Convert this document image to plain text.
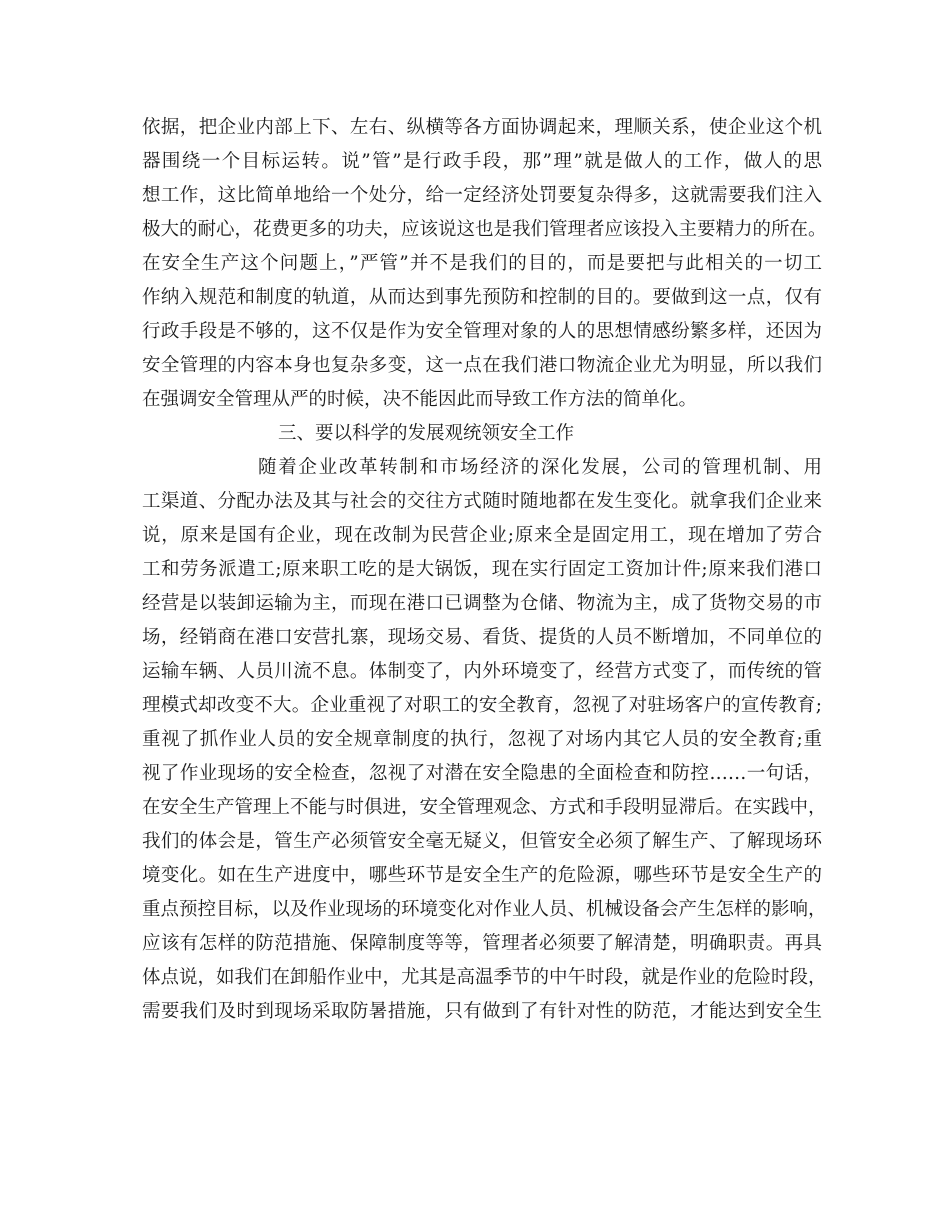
依据，把企业内部上下、左右、纵横等各方面协调起来，理顺关系，使企业这个机
器围绕一个目标运转。说”管”是行政手段，那”理”就是做人的工作，做人的思
想工作，这比简单地给一个处分，给一定经济处罚要复杂得多，这就需要我们注入
极大的耐心，花费更多的功夫，应该说这也是我们管理者应该投入主要精力的所在。
在安全生产这个问题上，”严管”并不是我们的目的，而是要把与此相关的一切工
作纳入规范和制度的轨道，从而达到事先预防和控制的目的。要做到这一点，仅有
行政手段是不够的，这不仅是作为安全管理对象的人的思想情感纷繁多样，还因为
安全管理的内容本身也复杂多变，这一点在我们港口物流企业尤为明显，所以我们
在强调安全管理从严的时候，决不能因此而导致工作方法的简单化。
三、要以科学的发展观统领安全工作
随着企业改革转制和市场经济的深化发展，公司的管理机制、用
工渠道、分配办法及其与社会的交往方式随时随地都在发生变化。就拿我们企业来
说，原来是国有企业，现在改制为民营企业;原来全是固定用工，现在增加了劳合
工和劳务派遣工;原来职工吃的是大锅饭，现在实行固定工资加计件;原来我们港口
经营是以装卸运输为主，而现在港口已调整为仓储、物流为主，成了货物交易的市
场，经销商在港口安营扎寨，现场交易、看货、提货的人员不断增加，不同单位的
运输车辆、人员川流不息。体制变了，内外环境变了，经营方式变了，而传统的管
理模式却改变不大。企业重视了对职工的安全教育，忽视了对驻场客户的宣传教育;
重视了抓作业人员的安全规章制度的执行，忽视了对场内其它人员的安全教育;重
视了作业现场的安全检查，忽视了对潜在安全隐患的全面检查和防控……一句话，
在安全生产管理上不能与时俱进，安全管理观念、方式和手段明显滞后。在实践中，
我们的体会是，管生产必须管安全毫无疑义，但管安全必须了解生产、了解现场环
境变化。如在生产进度中，哪些环节是安全生产的危险源，哪些环节是安全生产的
重点预控目标，以及作业现场的环境变化对作业人员、机械设备会产生怎样的影响，
应该有怎样的防范措施、保障制度等等，管理者必须要了解清楚，明确职责。再具
体点说，如我们在卸船作业中，尤其是高温季节的中午时段，就是作业的危险时段，
需要我们及时到现场采取防暑措施，只有做到了有针对性的防范，才能达到安全生
